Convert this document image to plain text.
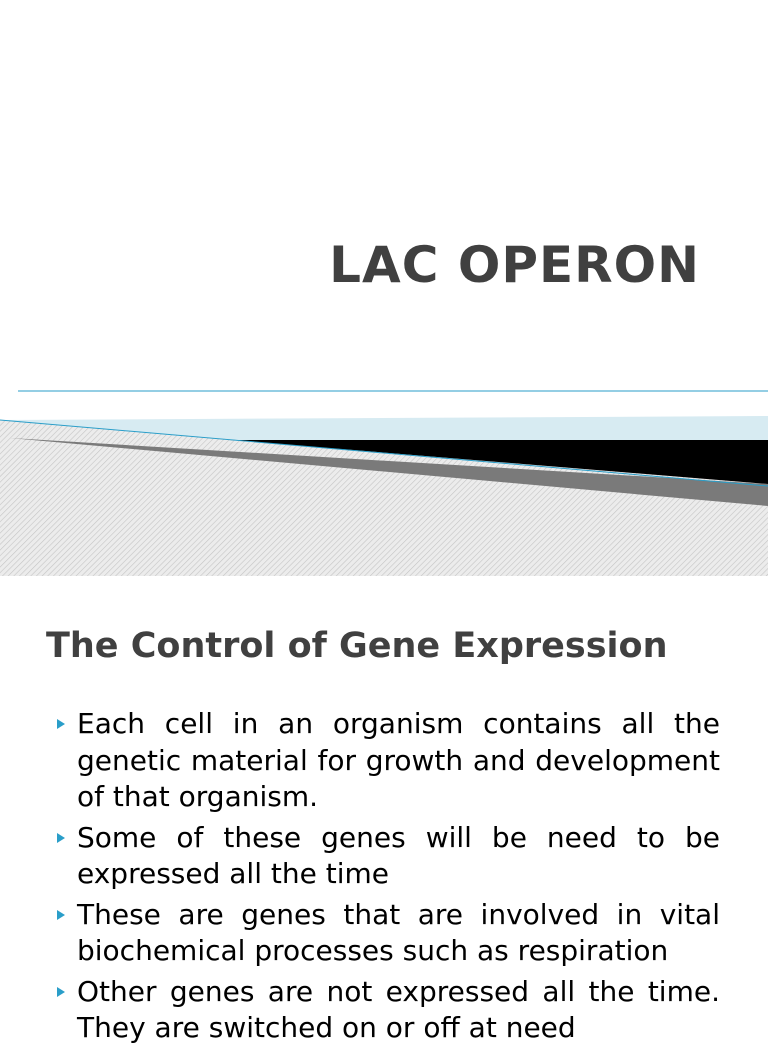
LAC OPERON
The Control of Gene Expression
Each cell in an organism contains all the genetic material for growth and development of that organism.
Some of these genes will be need to be expressed all the time
These are genes that are involved in vital biochemical processes such as respiration
Other genes are not expressed all the time. They are switched on or off at need
